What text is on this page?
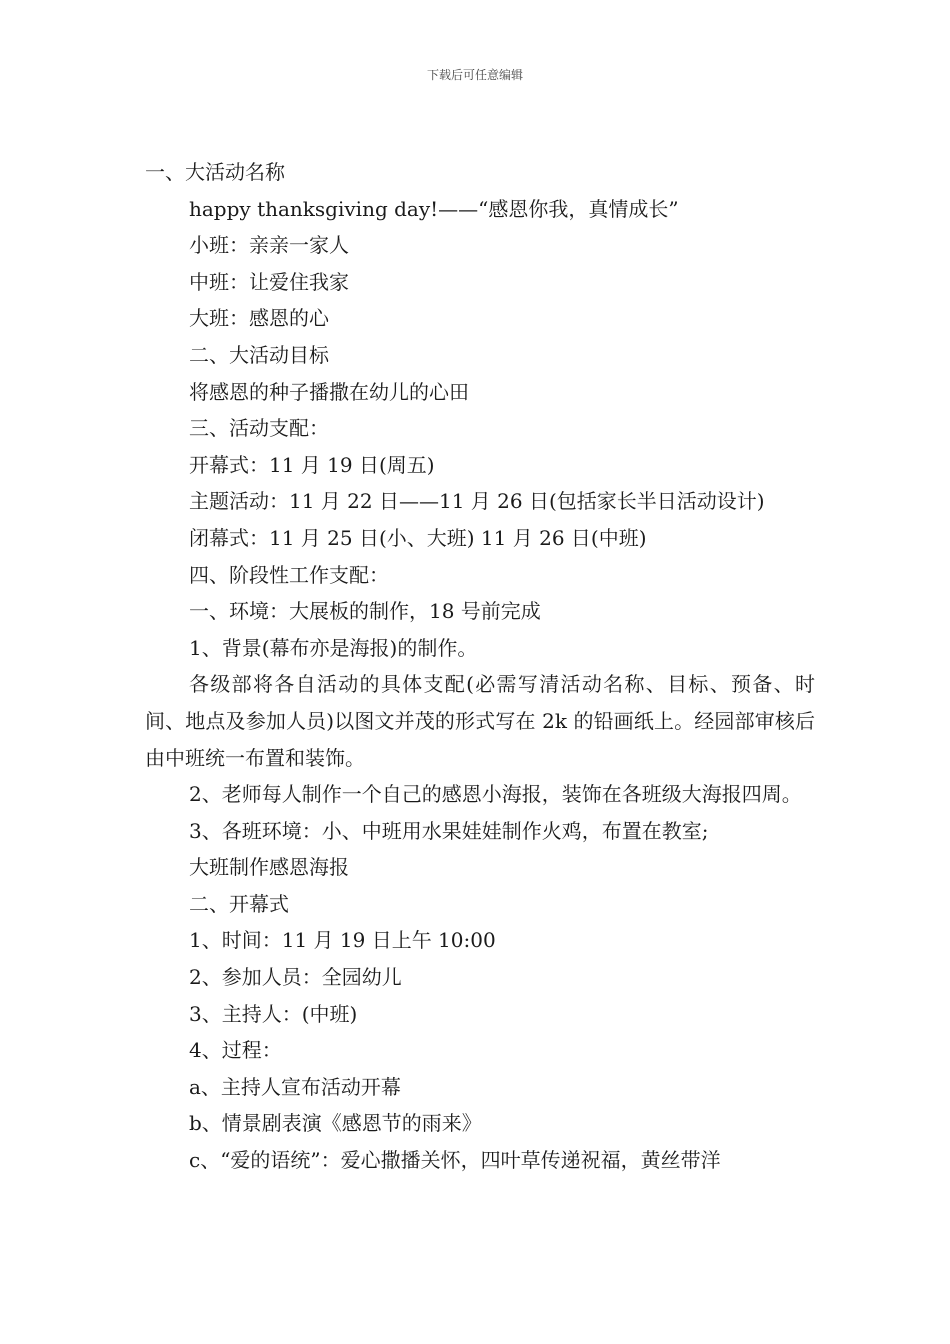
下载后可任意编辑

一、大活动名称

happy thanksgiving day!——“感恩你我，真情成长”

小班：亲亲一家人

中班：让爱住我家

大班：感恩的心

二、大活动目标

将感恩的种子播撒在幼儿的心田

三、活动支配：

开幕式：11 月 19 日(周五)

主题活动：11 月 22 日——11 月 26 日(包括家长半日活动设计)

闭幕式：11 月 25 日(小、大班) 11 月 26 日(中班)

四、阶段性工作支配：

一、环境：大展板的制作，18 号前完成

1、背景(幕布亦是海报)的制作。

各级部将各自活动的具体支配(必需写清活动名称、目标、预备、时间、地点及参加人员)以图文并茂的形式写在 2k 的铅画纸上。经园部审核后由中班统一布置和装饰。

2、老师每人制作一个自己的感恩小海报，装饰在各班级大海报四周。

3、各班环境：小、中班用水果娃娃制作火鸡，布置在教室;

大班制作感恩海报

二、开幕式

1、时间：11 月 19 日上午 10:00

2、参加人员：全园幼儿

3、主持人：(中班)

4、过程：

a、主持人宣布活动开幕

b、情景剧表演《感恩节的雨来》

c、“爱的语统”：爱心撒播关怀，四叶草传递祝福，黄丝带洋
